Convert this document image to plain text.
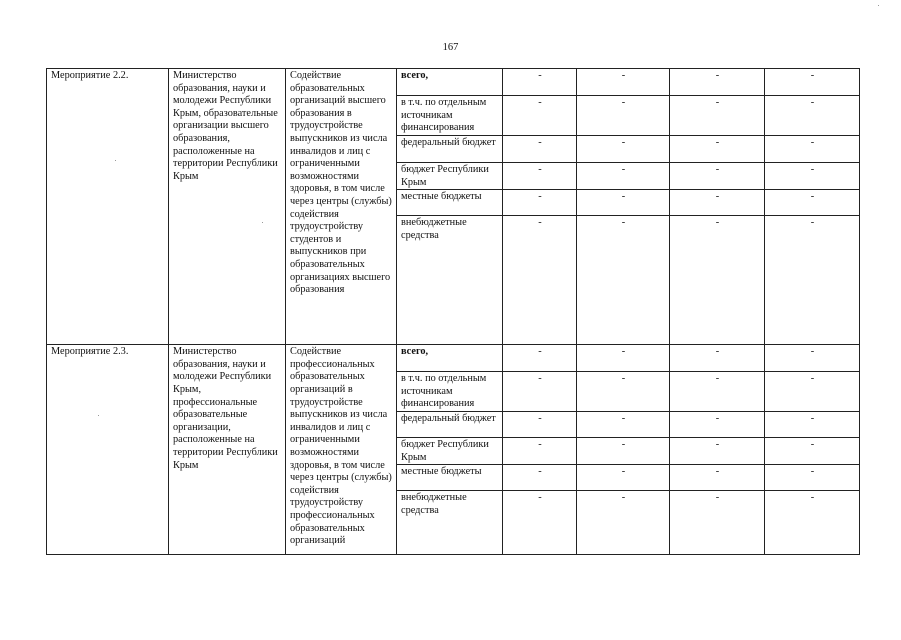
167
Мероприятие 2.2.	Министерство образования, науки и молодежи Республики Крым, образовательные организации высшего образования, расположенные на территории Республики Крым	Содействие образовательных организаций высшего образования в трудоустройстве выпускников из числа инвалидов и лиц с ограниченными возможностями здоровья, в том числе через центры (службы) содействия трудоустройству студентов и выпускников при образовательных организациях высшего образования	всего,	-	-	-	-
			в т.ч. по отдельным источникам финансирования	-	-	-	-
			федеральный бюджет	-	-	-	-
			бюджет Республики Крым	-	-	-	-
			местные бюджеты	-	-	-	-
			внебюджетные средства	-	-	-	-
Мероприятие 2.3.	Министерство образования, науки и молодежи Республики Крым, профессиональные образовательные организации, расположенные на территории Республики Крым	Содействие профессиональных образовательных организаций в трудоустройстве выпускников из числа инвалидов и лиц с ограниченными возможностями здоровья, в том числе через центры (службы) содействия трудоустройству профессиональных образовательных организаций	всего,	-	-	-	-
			в т.ч. по отдельным источникам финансирования	-	-	-	-
			федеральный бюджет	-	-	-	-
			бюджет Республики Крым	-	-	-	-
			местные бюджеты	-	-	-	-
			внебюджетные средства	-	-	-	-
